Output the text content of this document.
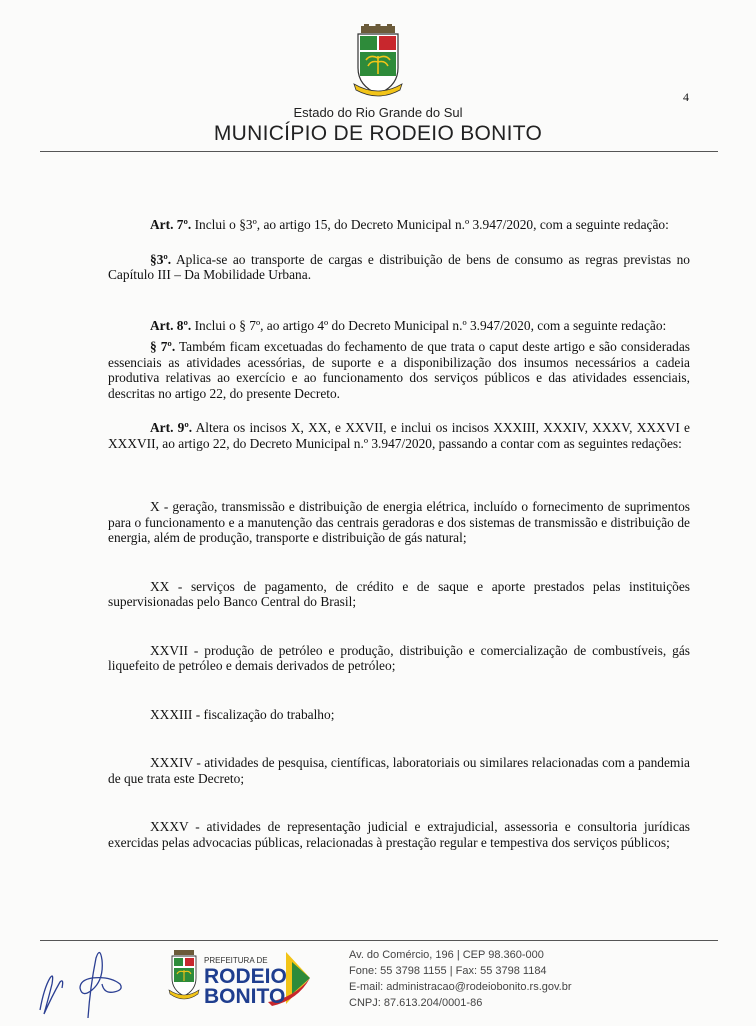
4
Estado do Rio Grande do Sul
MUNICÍPIO DE RODEIO BONITO

Art. 7º. Inclui o §3º, ao artigo 15, do Decreto Municipal n.º 3.947/2020, com a seguinte redação:

§3º. Aplica-se ao transporte de cargas e distribuição de bens de consumo as regras previstas no Capítulo III – Da Mobilidade Urbana.

Art. 8º. Inclui o § 7º, ao artigo 4º do Decreto Municipal n.º 3.947/2020, com a seguinte redação:

§ 7º. Também ficam excetuadas do fechamento de que trata o caput deste artigo e são consideradas essenciais as atividades acessórias, de suporte e a disponibilização dos insumos necessários a cadeia produtiva relativas ao exercício e ao funcionamento dos serviços públicos e das atividades essenciais, descritas no artigo 22, do presente Decreto.

Art. 9º. Altera os incisos X, XX, e XXVII, e inclui os incisos XXXIII, XXXIV, XXXV, XXXVI e XXXVII, ao artigo 22, do Decreto Municipal n.º 3.947/2020, passando a contar com as seguintes redações:

X - geração, transmissão e distribuição de energia elétrica, incluído o fornecimento de suprimentos para o funcionamento e a manutenção das centrais geradoras e dos sistemas de transmissão e distribuição de energia, além de produção, transporte e distribuição de gás natural;

XX - serviços de pagamento, de crédito e de saque e aporte prestados pelas instituições supervisionadas pelo Banco Central do Brasil;

XXVII - produção de petróleo e produção, distribuição e comercialização de combustíveis, gás liquefeito de petróleo e demais derivados de petróleo;

XXXIII - fiscalização do trabalho;

XXXIV - atividades de pesquisa, científicas, laboratoriais ou similares relacionadas com a pandemia de que trata este Decreto;

XXXV - atividades de representação judicial e extrajudicial, assessoria e consultoria jurídicas exercidas pelas advocacias públicas, relacionadas à prestação regular e tempestiva dos serviços públicos;

PREFEITURA DE
RODEIO
BONITO
Av. do Comércio, 196 | CEP 98.360-000
Fone: 55 3798 1155 | Fax: 55 3798 1184
E-mail: administracao@rodeiobonito.rs.gov.br
CNPJ: 87.613.204/0001-86
